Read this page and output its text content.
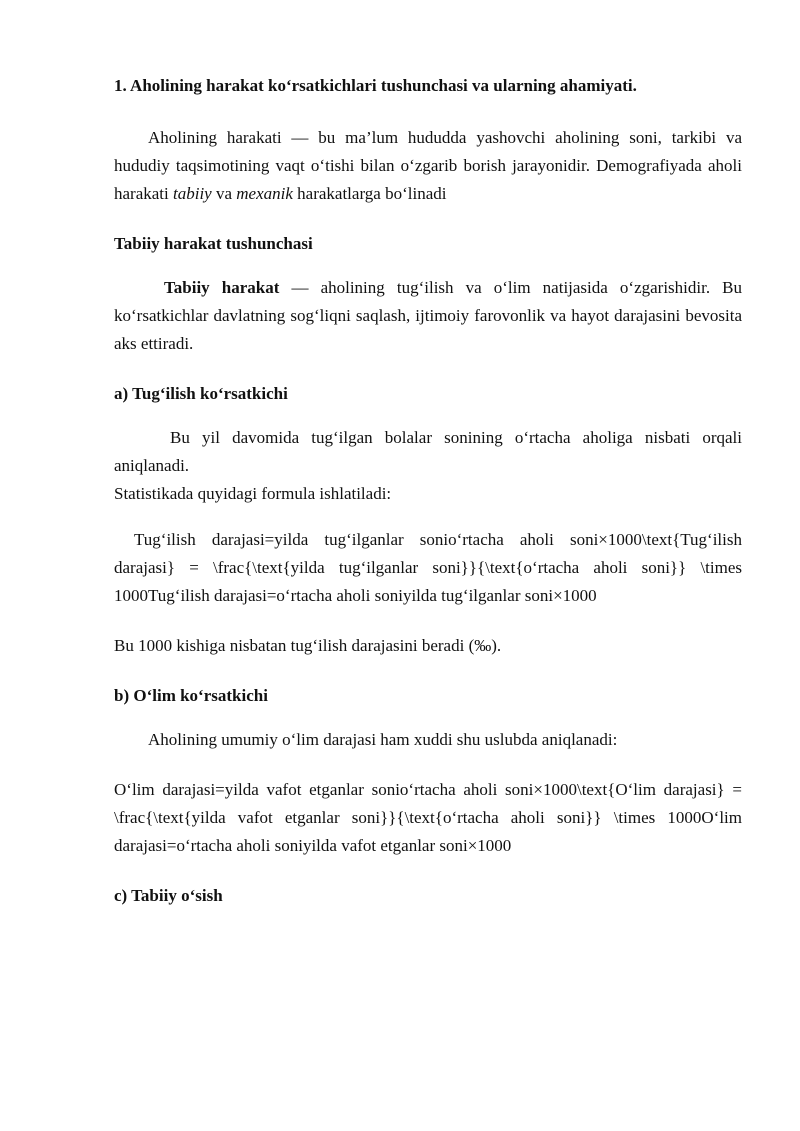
1. Aholining harakat ko‘rsatkichlari tushunchasi va ularning ahamiyati.

Aholining harakati — bu ma’lum hududda yashovchi aholining soni, tarkibi va hududiy taqsimotining vaqt o‘tishi bilan o‘zgarib borish jarayonidir. Demografiyada aholi harakati tabiiy va mexanik harakatlarga bo‘linadi

Tabiiy harakat tushunchasi

Tabiiy harakat — aholining tug‘ilish va o‘lim natijasida o‘zgarishidir. Bu ko‘rsatkichlar davlatning sog‘liqni saqlash, ijtimoiy farovonlik va hayot darajasini bevosita aks ettiradi.

a) Tug‘ilish ko‘rsatkichi

Bu yil davomida tug‘ilgan bolalar sonining o‘rtacha aholiga nisbati orqali aniqlanadi.

Statistikada quyidagi formula ishlatiladi:

Tug‘ilish darajasi=yilda tug‘ilganlar sonio‘rtacha aholi soni×1000\text{Tug‘ilish darajasi} = \frac{\text{yilda tug‘ilganlar soni}}{\text{o‘rtacha aholi soni}} \times 1000Tug‘ilish darajasi=o‘rtacha aholi soniyilda tug‘ilganlar soni×1000

Bu 1000 kishiga nisbatan tug‘ilish darajasini beradi (‰).

b) O‘lim ko‘rsatkichi

Aholining umumiy o‘lim darajasi ham xuddi shu uslubda aniqlanadi:

O‘lim darajasi=yilda vafot etganlar sonio‘rtacha aholi soni×1000\text{O‘lim darajasi} = \frac{\text{yilda vafot etganlar soni}}{\text{o‘rtacha aholi soni}} \times 1000O‘lim darajasi=o‘rtacha aholi soniyilda vafot etganlar soni×1000

c) Tabiiy o‘sish
